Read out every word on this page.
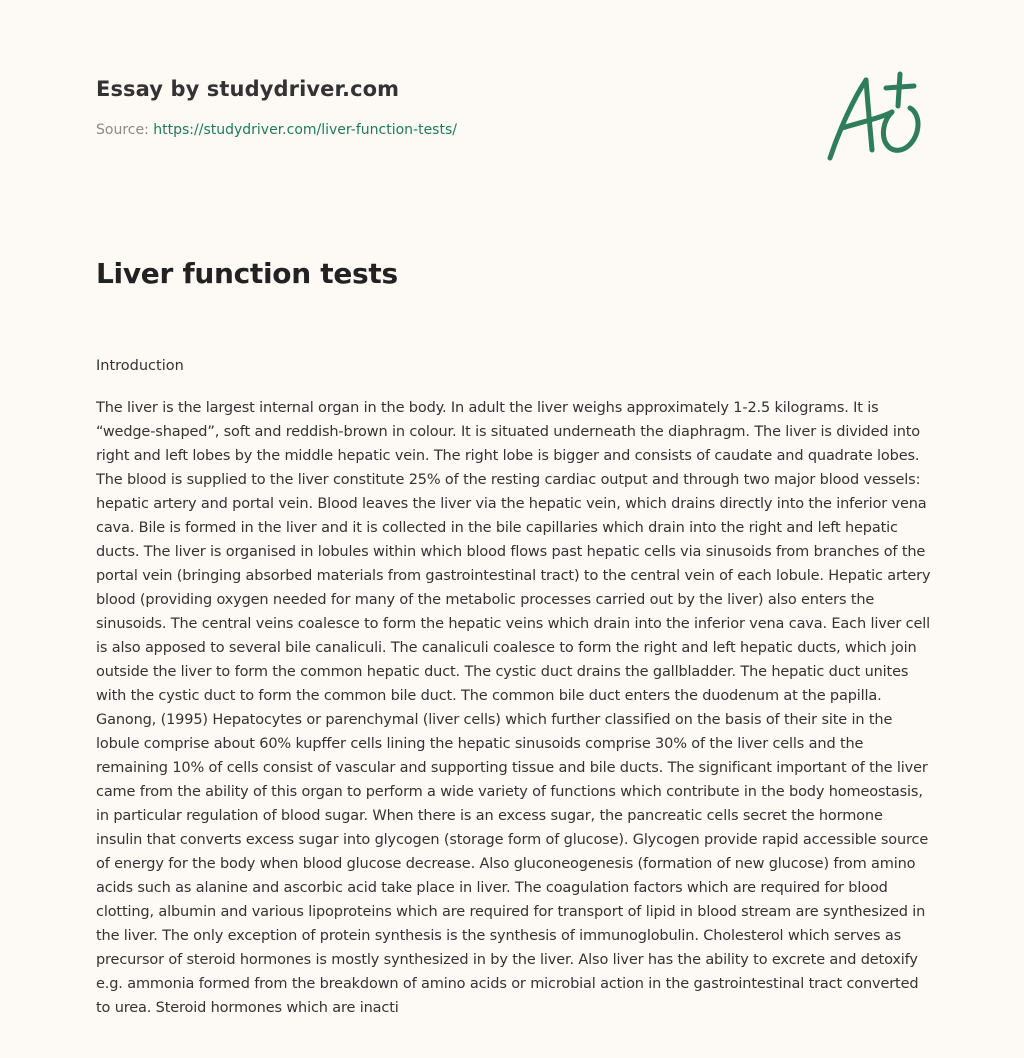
Essay by studydriver.com
Source: https://studydriver.com/liver-function-tests/
Liver function tests
Introduction

The liver is the largest internal organ in the body. In adult the liver weighs approximately 1-2.5 kilograms. It is “wedge-shaped”, soft and reddish-brown in colour. It is situated underneath the diaphragm. The liver is divided into right and left lobes by the middle hepatic vein. The right lobe is bigger and consists of caudate and quadrate lobes. The blood is supplied to the liver constitute 25% of the resting cardiac output and through two major blood vessels: hepatic artery and portal vein. Blood leaves the liver via the hepatic vein, which drains directly into the inferior vena cava. Bile is formed in the liver and it is collected in the bile capillaries which drain into the right and left hepatic ducts. The liver is organised in lobules within which blood flows past hepatic cells via sinusoids from branches of the portal vein (bringing absorbed materials from gastrointestinal tract) to the central vein of each lobule. Hepatic artery blood (providing oxygen needed for many of the metabolic processes carried out by the liver) also enters the sinusoids. The central veins coalesce to form the hepatic veins which drain into the inferior vena cava. Each liver cell is also apposed to several bile canaliculi. The canaliculi coalesce to form the right and left hepatic ducts, which join outside the liver to form the common hepatic duct. The cystic duct drains the gallbladder. The hepatic duct unites with the cystic duct to form the common bile duct. The common bile duct enters the duodenum at the papilla. Ganong, (1995) Hepatocytes or parenchymal (liver cells) which further classified on the basis of their site in the lobule comprise about 60% kupffer cells lining the hepatic sinusoids comprise 30% of the liver cells and the remaining 10% of cells consist of vascular and supporting tissue and bile ducts. The significant important of the liver came from the ability of this organ to perform a wide variety of functions which contribute in the body homeostasis, in particular regulation of blood sugar. When there is an excess sugar, the pancreatic cells secret the hormone insulin that converts excess sugar into glycogen (storage form of glucose). Glycogen provide rapid accessible source of energy for the body when blood glucose decrease. Also gluconeogenesis (formation of new glucose) from amino acids such as alanine and ascorbic acid take place in liver. The coagulation factors which are required for blood clotting, albumin and various lipoproteins which are required for transport of lipid in blood stream are synthesized in the liver. The only exception of protein synthesis is the synthesis of immunoglobulin. Cholesterol which serves as precursor of steroid hormones is mostly synthesized in by the liver. Also liver has the ability to excrete and detoxify e.g. ammonia formed from the breakdown of amino acids or microbial action in the gastrointestinal tract converted to urea. Steroid hormones which are inacti
